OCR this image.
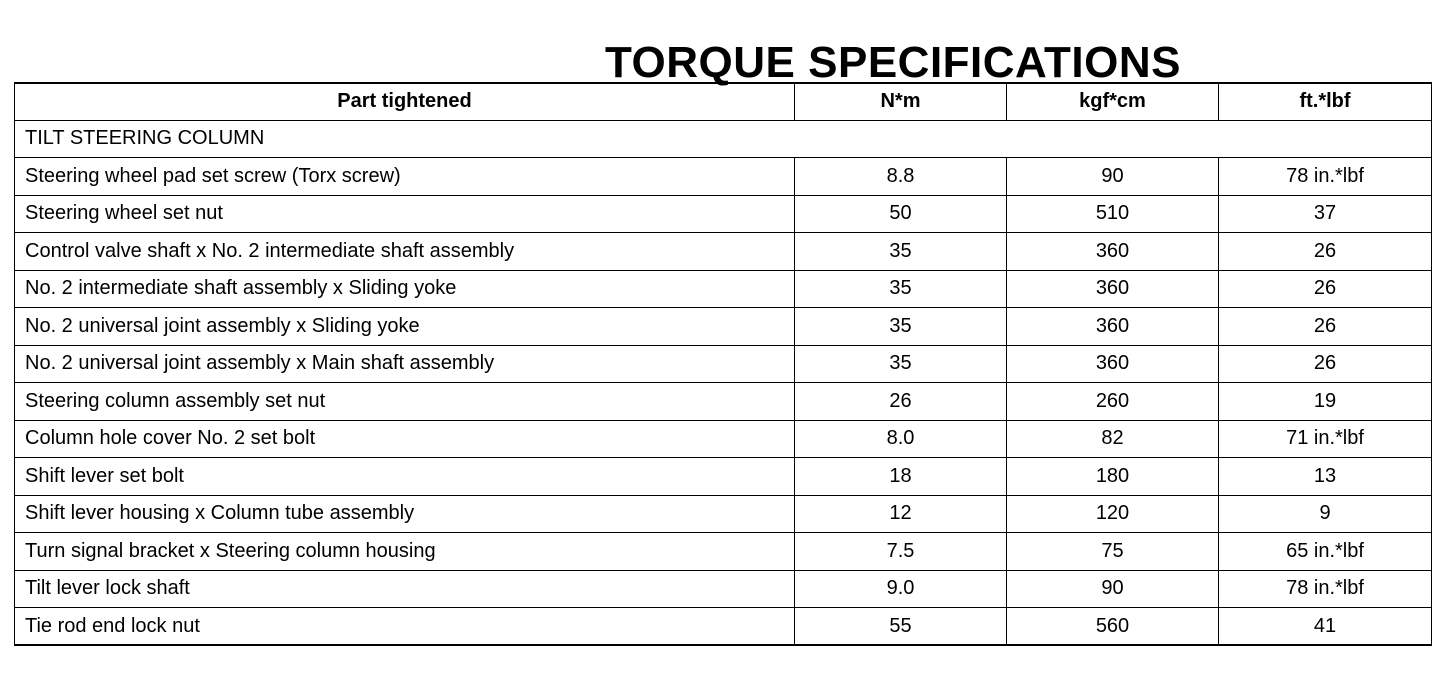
TORQUE SPECIFICATIONS
Part tightened	N*m	kgf*cm	ft.*lbf
TILT STEERING COLUMN			
Steering wheel pad set screw (Torx screw)	8.8	90	78 in.*lbf
Steering wheel set nut	50	510	37
Control valve shaft x No. 2 intermediate shaft assembly	35	360	26
No. 2 intermediate shaft assembly x Sliding yoke	35	360	26
No. 2 universal joint assembly x Sliding yoke	35	360	26
No. 2 universal joint assembly x Main shaft assembly	35	360	26
Steering column assembly set nut	26	260	19
Column hole cover No. 2 set bolt	8.0	82	71 in.*lbf
Shift lever set bolt	18	180	13
Shift lever housing x Column tube assembly	12	120	9
Turn signal bracket x Steering column housing	7.5	75	65 in.*lbf
Tilt lever lock shaft	9.0	90	78 in.*lbf
Tie rod end lock nut	55	560	41
